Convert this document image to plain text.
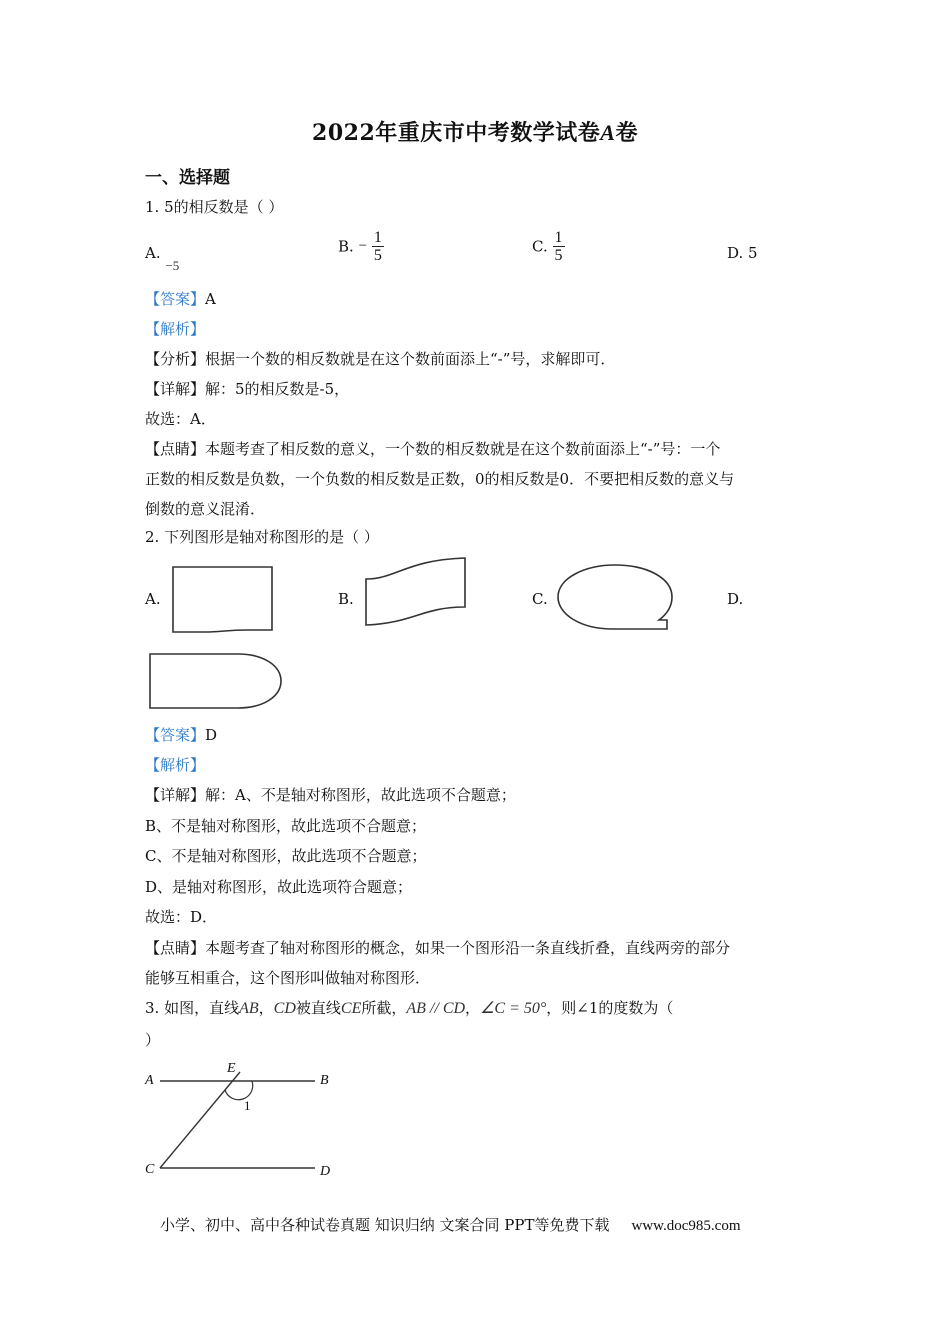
2022年重庆市中考数学试卷A卷
一、选择题
1. 5的相反数是（ ）
A. −5
B. − $\frac{1}{5}$	C. $\frac{1}{5}$	D. 5
【答案】A
【解析】
【分析】根据一个数的相反数就是在这个数前面添上“-”号，求解即可．
【详解】解：5的相反数是-5，
故选：A．
【点睛】本题考查了相反数的意义，一个数的相反数就是在这个数前面添上“-”号：一个
正数的相反数是负数，一个负数的相反数是正数，0的相反数是0．不要把相反数的意义与
倒数的意义混淆．
2. 下列图形是轴对称图形的是（ ）
A.	B.	C.	D.
【答案】D
【解析】
【详解】解：A、不是轴对称图形，故此选项不合题意；
B、不是轴对称图形，故此选项不合题意；
C、不是轴对称图形，故此选项不合题意；
D、是轴对称图形，故此选项符合题意；
故选：D．
【点睛】本题考查了轴对称图形的概念，如果一个图形沿一条直线折叠，直线两旁的部分
能够互相重合，这个图形叫做轴对称图形．
3. 如图，直线AB，CD被直线CE所截，AB // CD，∠C = 50°，则∠1的度数为（
）
A
E
B
1
C	D
小学、初中、高中各种试卷真题 知识归纳 文案合同 PPT等免费下载 www.doc985.com
